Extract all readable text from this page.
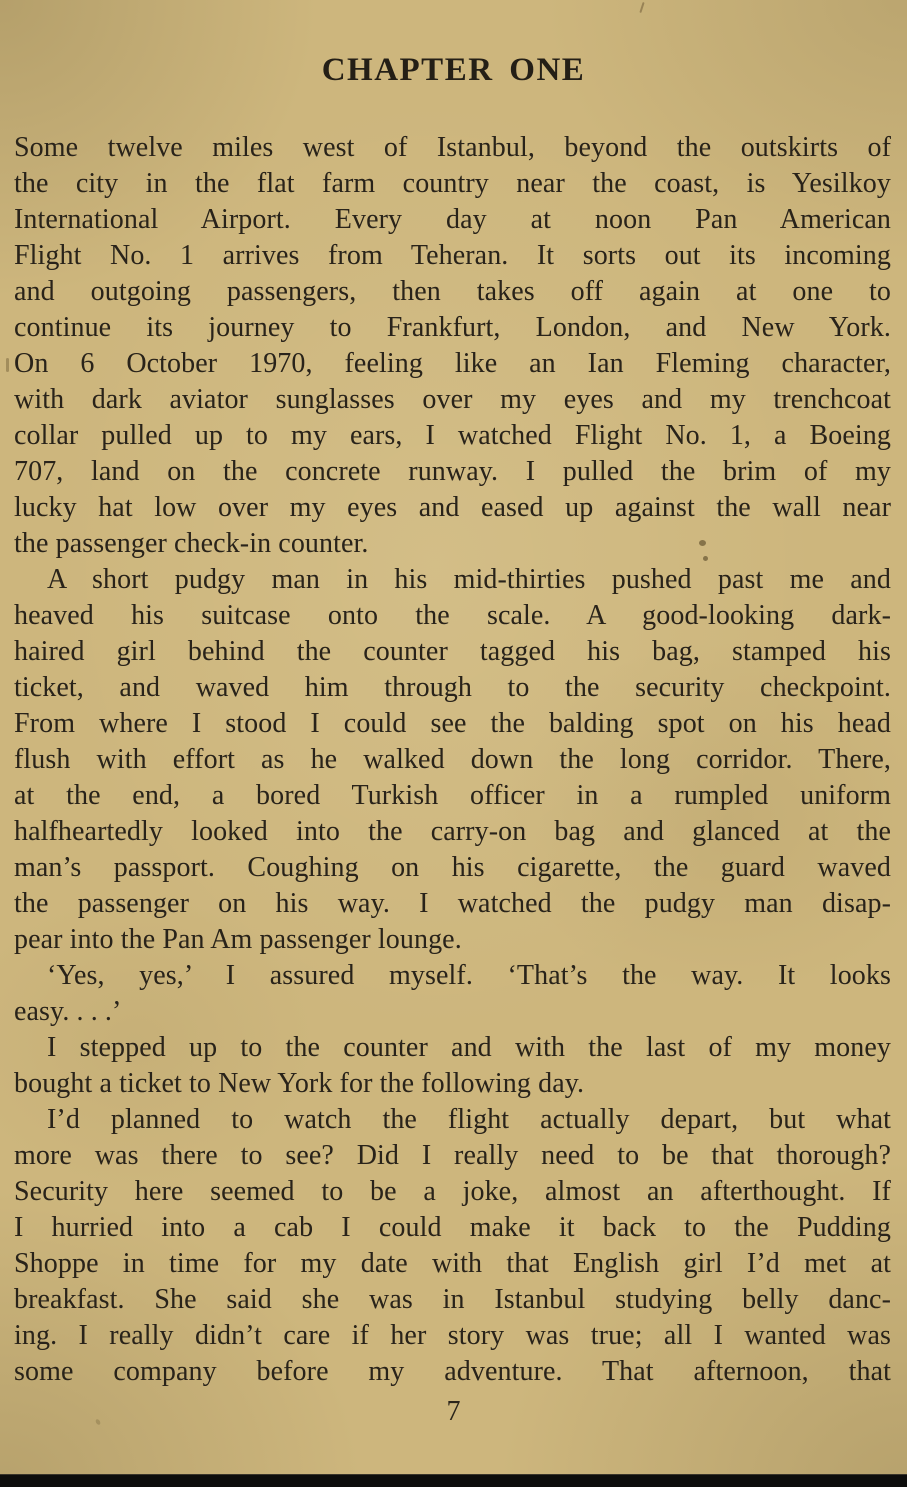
CHAPTER ONE
Some twelve miles west of Istanbul, beyond the outskirts of
the city in the flat farm country near the coast, is Yesilkoy
International Airport. Every day at noon Pan American
Flight No. 1 arrives from Teheran. It sorts out its incoming
and outgoing passengers, then takes off again at one to
continue its journey to Frankfurt, London, and New York.
On 6 October 1970, feeling like an Ian Fleming character,
with dark aviator sunglasses over my eyes and my trenchcoat
collar pulled up to my ears, I watched Flight No. 1, a Boeing
707, land on the concrete runway. I pulled the brim of my
lucky hat low over my eyes and eased up against the wall near
the passenger check-in counter.
A short pudgy man in his mid-thirties pushed past me and
heaved his suitcase onto the scale. A good-looking dark-
haired girl behind the counter tagged his bag, stamped his
ticket, and waved him through to the security checkpoint.
From where I stood I could see the balding spot on his head
flush with effort as he walked down the long corridor. There,
at the end, a bored Turkish officer in a rumpled uniform
halfheartedly looked into the carry-on bag and glanced at the
man’s passport. Coughing on his cigarette, the guard waved
the passenger on his way. I watched the pudgy man disap-
pear into the Pan Am passenger lounge.
‘Yes, yes,’ I assured myself. ‘That’s the way. It looks
easy. . . .’
I stepped up to the counter and with the last of my money
bought a ticket to New York for the following day.
I’d planned to watch the flight actually depart, but what
more was there to see? Did I really need to be that thorough?
Security here seemed to be a joke, almost an afterthought. If
I hurried into a cab I could make it back to the Pudding
Shoppe in time for my date with that English girl I’d met at
breakfast. She said she was in Istanbul studying belly danc-
ing. I really didn’t care if her story was true; all I wanted was
some company before my adventure. That afternoon, that
7
